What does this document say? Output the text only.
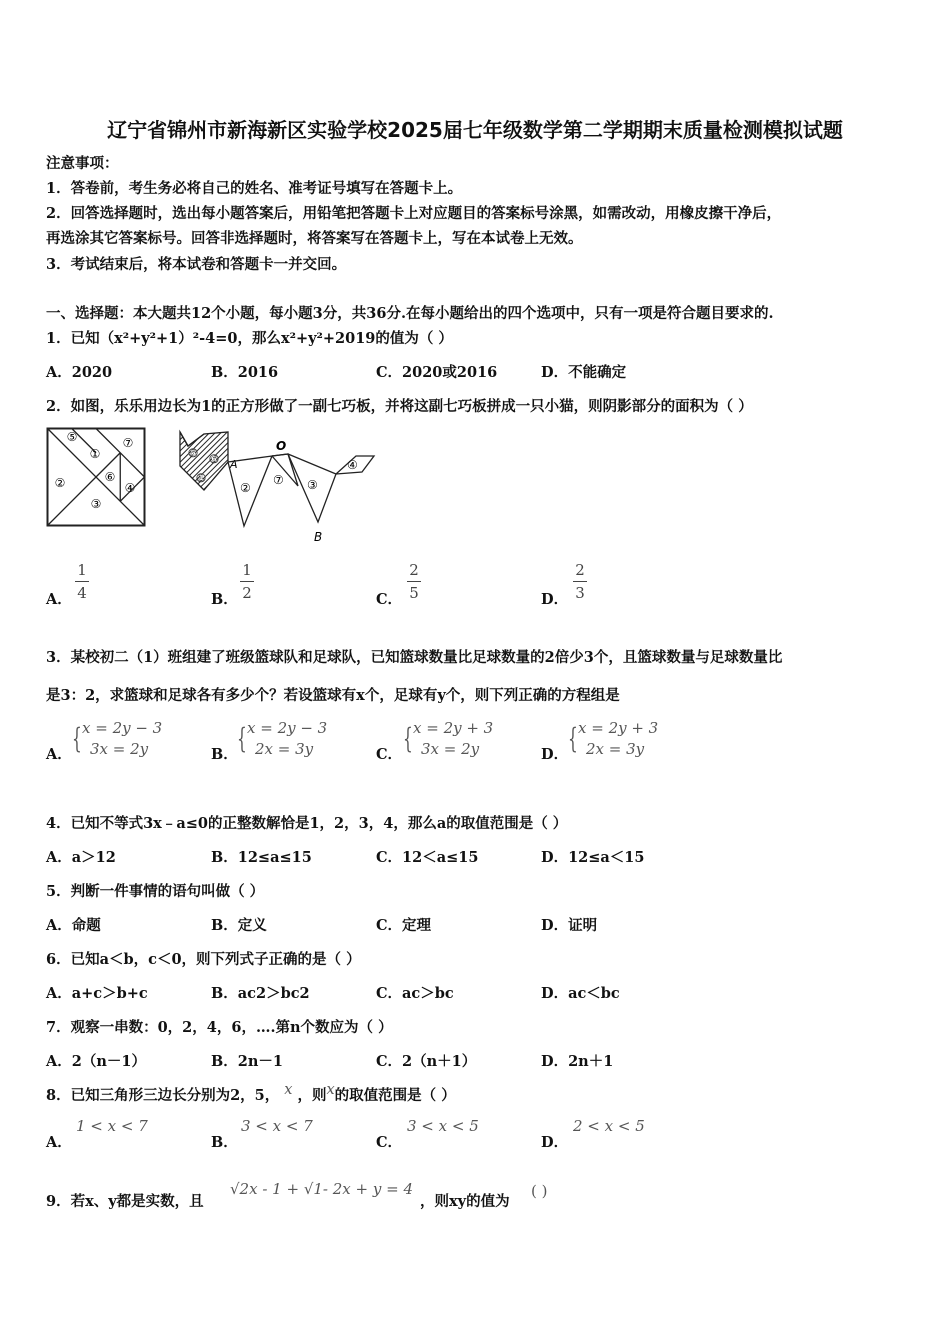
辽宁省锦州市新海新区实验学校2025届七年级数学第二学期期末质量检测模拟试题
注意事项：
1．答卷前，考生务必将自己的姓名、准考证号填写在答题卡上。
2．回答选择题时，选出每小题答案后，用铅笔把答题卡上对应题目的答案标号涂黑，如需改动，用橡皮擦干净后，
再选涂其它答案标号。回答非选择题时，将答案写在答题卡上，写在本试卷上无效。
3．考试结束后，将本试卷和答题卡一并交回。
一、选择题：本大题共12个小题，每小题3分，共36分.在每小题给出的四个选项中，只有一项是符合题目要求的.
1．已知（x²+y²+1）²-4=0，那么x²+y²+2019的值为（ ）
A．2020	B．2016	C．2020或2016	D．不能确定
2．如图，乐乐用边长为1的正方形做了一副七巧板，并将这副七巧板拼成一只小猫，则阴影部分的面积为（ ）
⑤	⑦
①
⑥
②	④
③
⑤ ⑥
①
A
②
⑦ ③
④
O
B
A．
1
4	B．
1
2	C．
2
5	D．
2
3
3．某校初二（1）班组建了班级篮球队和足球队，已知篮球数量比足球数量的2倍少3个，且篮球数量与足球数量比
是3：2，求篮球和足球各有多少个？若设篮球有x个，足球有y个，则下列正确的方程组是
A． { x = 2y − 3
3x = 2y	B． { x = 2y − 3
2x = 3y	C． { x = 2y + 3
3x = 2y	D． { x = 2y + 3
2x = 3y
4．已知不等式3x﹣a≤0的正整数解恰是1，2，3，4，那么a的取值范围是（ ）
A．a＞12	B．12≤a≤15	C．12＜a≤15	D．12≤a＜15
5．判断一件事情的语句叫做（ ）
A．命题	B．定义	C．定理	D．证明
6．已知a＜b，c＜0，则下列式子正确的是（ ）
A．a+c＞b+c	B．ac2＞bc2	C．ac＞bc	D．ac＜bc
7．观察一串数：0，2，4，6，….第n个数应为（ ）
A．2（n－1）	B．2n－1	C．2（n＋1）	D．2n＋1
8．已知三角形三边长分别为2，5， x ，则x的取值范围是（ ）
A．
1 < x < 7
B．
3 < x < 7
C．
3 < x < 5
D．
2 < x < 5
9．若x、y都是实数，且
√2x - 1 + √1- 2x + y = 4
，则xy的值为
( )
